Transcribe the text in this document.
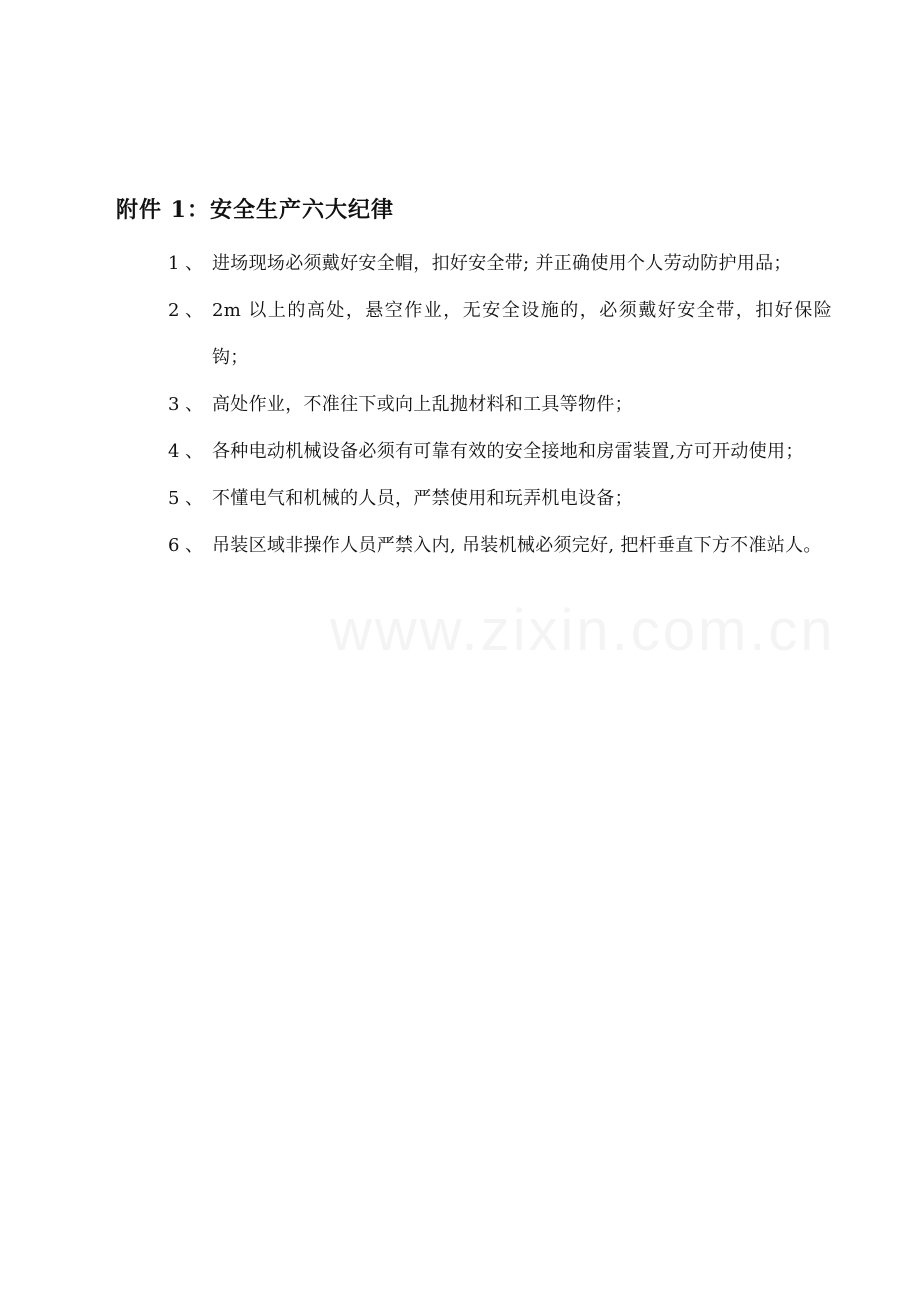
附件 1：安全生产六大纪律
1 、 进场现场必须戴好安全帽，扣好安全带; 并正确使用个人劳动防护用品；
2 、 2m 以上的高处，悬空作业，无安全设施的，必须戴好安全带，扣好保险钩；
3 、 高处作业，不准往下或向上乱抛材料和工具等物件；
4 、 各种电动机械设备必须有可靠有效的安全接地和房雷装置,方可开动使用；
5 、 不懂电气和机械的人员，严禁使用和玩弄机电设备；
6 、 吊装区域非操作人员严禁入内, 吊装机械必须完好, 把杆垂直下方不准站人。
www.zixin.com.cn
